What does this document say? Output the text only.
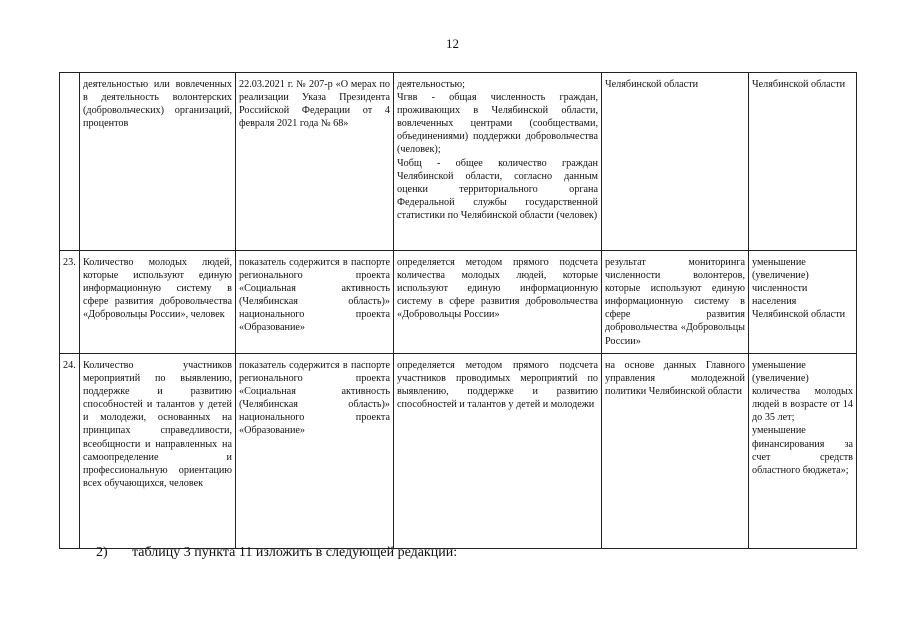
12
	деятельностью или вовлеченных в деятельность волонтерских (добровольческих) организаций, процентов	22.03.2021 г. № 207-р «О мерах по реализации Указа Президента Российской Федерации от 4 февраля 2021 года № 68»	деятельностью;
Чгвв - общая численность граждан, проживающих в Челябинской области, вовлеченных центрами (сообществами, объединениями) поддержки добровольчества (человек);
Чобщ - общее количество граждан Челябинской области, согласно данным оценки территориального органа Федеральной службы государственной статистики по Челябинской области (человек)	Челябинской области	Челябинской области
23.	Количество молодых людей, которые используют единую информационную систему в сфере развития добровольчества «Добровольцы России», человек	показатель содержится в паспорте регионального проекта «Социальная активность (Челябинская область)» национального проекта «Образование»	определяется методом прямого подсчета количества молодых людей, которые используют единую информационную систему в сфере развития добровольчества «Добровольцы России»	результат мониторинга численности волонтеров, которые используют единую информационную систему в сфере развития добровольчества «Добровольцы России»	уменьшение (увеличение) численности населения Челябинской области
24.	Количество участников мероприятий по выявлению, поддержке и развитию способностей и талантов у детей и молодежи, основанных на принципах справедливости, всеобщности и направленных на самоопределение и профессиональную ориентацию всех обучающихся, человек	показатель содержится в паспорте регионального проекта «Социальная активность (Челябинская область)» национального проекта «Образование»	определяется методом прямого подсчета участников проводимых мероприятий по выявлению, поддержке и развитию способностей и талантов у детей и молодежи	на основе данных Главного управления молодежной политики Челябинской области	уменьшение (увеличение) количества молодых людей в возрасте от 14 до 35 лет;
уменьшение финансирования за счет средств областного бюджета»;
2) таблицу 3 пункта 11 изложить в следующей редакции:
